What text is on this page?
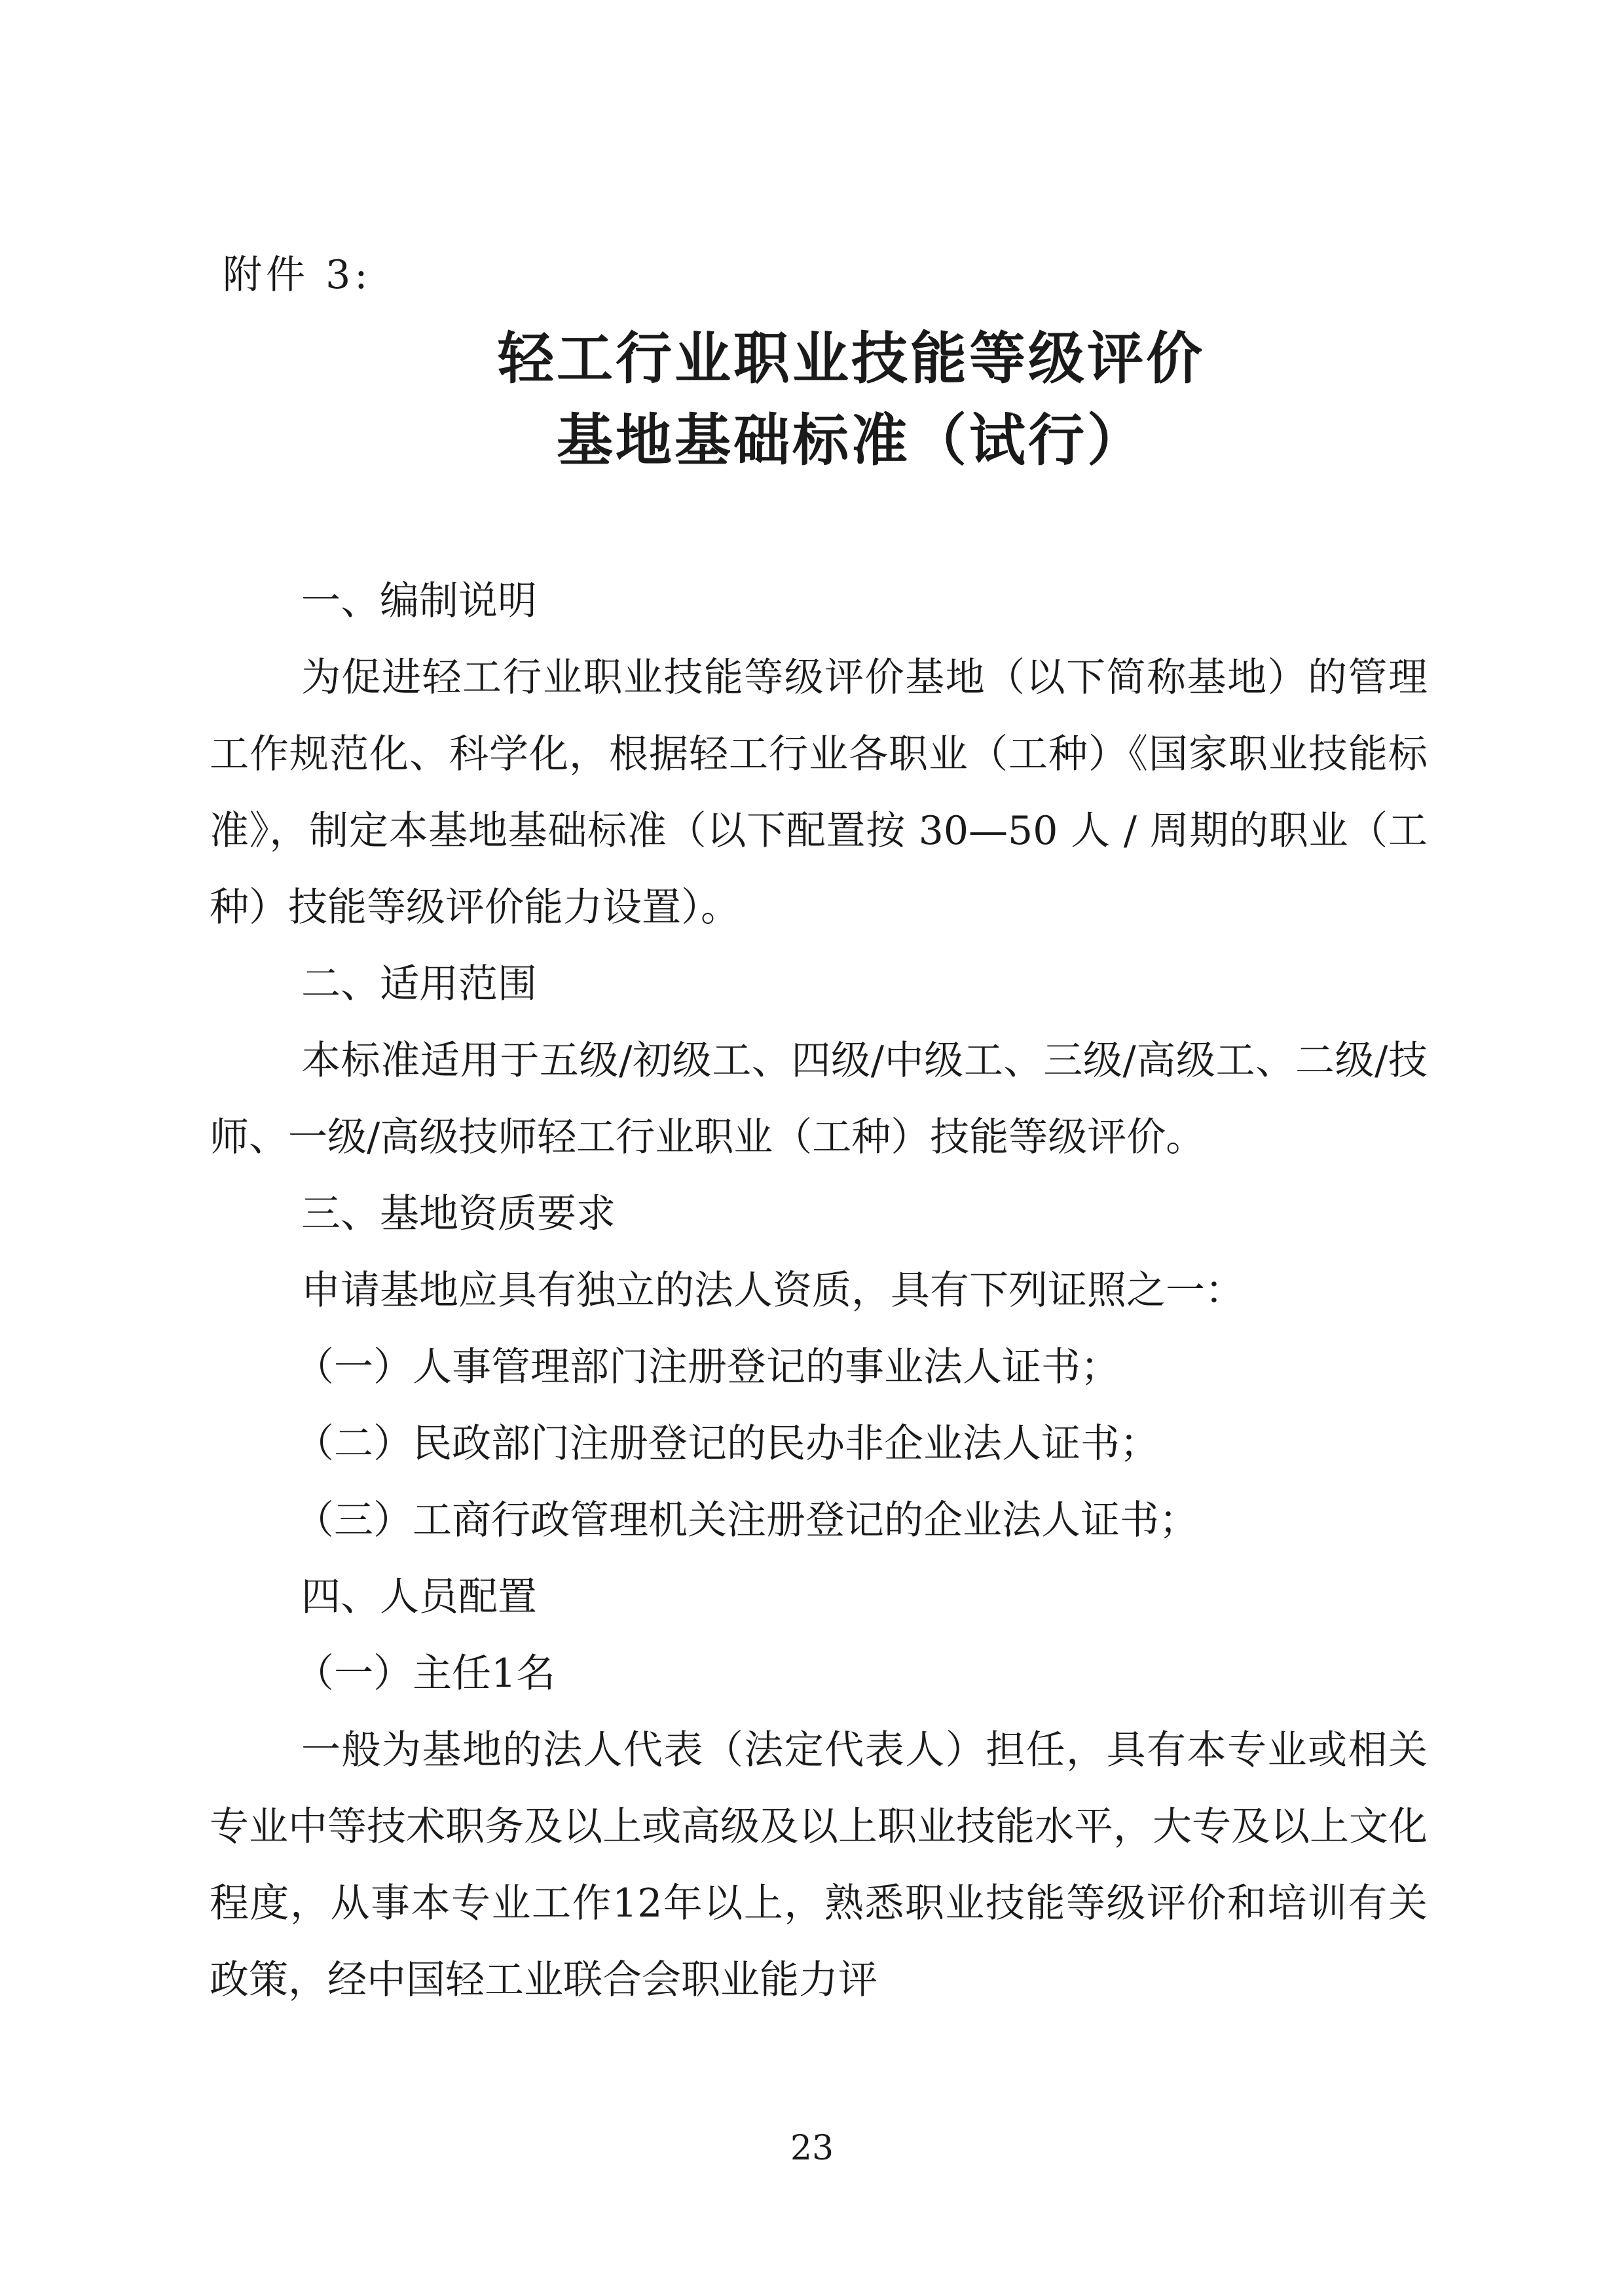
附件 3:
轻工行业职业技能等级评价
基地基础标准（试行）

一、编制说明

为促进轻工行业职业技能等级评价基地（以下简称基地）的管理工作规范化、科学化，根据轻工行业各职业（工种）《国家职业技能标准》，制定本基地基础标准（以下配置按 30—50 人 / 周期的职业（工种）技能等级评价能力设置）。

二、适用范围

本标准适用于五级/初级工、四级/中级工、三级/高级工、二级/技师、一级/高级技师轻工行业职业（工种）技能等级评价。

三、基地资质要求

申请基地应具有独立的法人资质，具有下列证照之一：

（一）人事管理部门注册登记的事业法人证书；

（二）民政部门注册登记的民办非企业法人证书；

（三）工商行政管理机关注册登记的企业法人证书；

四、人员配置

（一）主任1名

一般为基地的法人代表（法定代表人）担任，具有本专业或相关专业中等技术职务及以上或高级及以上职业技能水平，大专及以上文化程度，从事本专业工作12年以上，熟悉职业技能等级评价和培训有关政策，经中国轻工业联合会职业能力评

23
